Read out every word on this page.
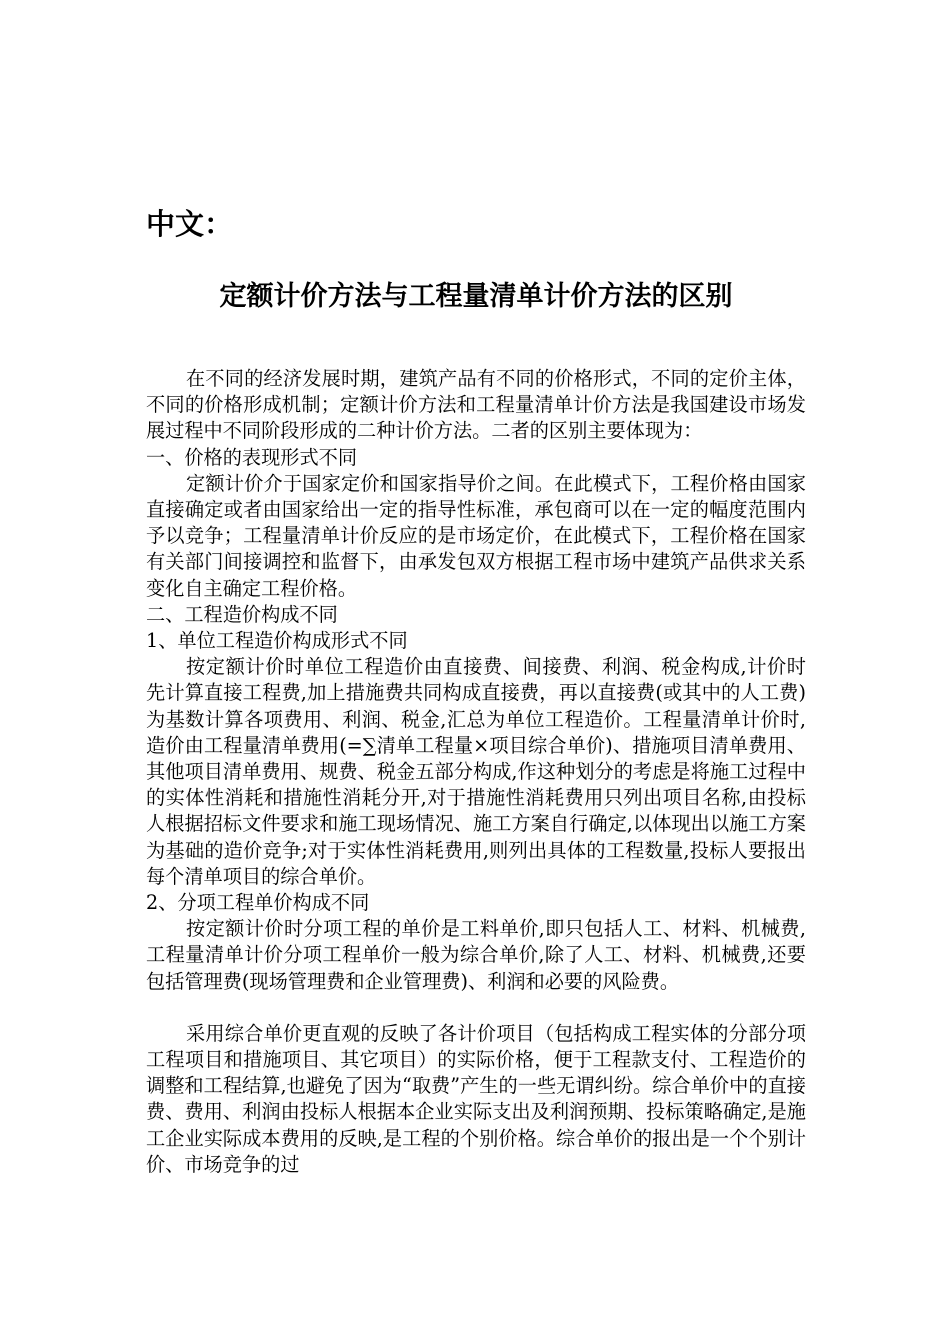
中文：
定额计价方法与工程量清单计价方法的区别

在不同的经济发展时期，建筑产品有不同的价格形式，不同的定价主体，不同的价格形成机制；定额计价方法和工程量清单计价方法是我国建设市场发展过程中不同阶段形成的二种计价方法。二者的区别主要体现为：

一、价格的表现形式不同

定额计价介于国家定价和国家指导价之间。在此模式下，工程价格由国家直接确定或者由国家给出一定的指导性标准，承包商可以在一定的幅度范围内予以竞争；工程量清单计价反应的是市场定价，在此模式下，工程价格在国家有关部门间接调控和监督下，由承发包双方根据工程市场中建筑产品供求关系变化自主确定工程价格。

二、工程造价构成不同

1、单位工程造价构成形式不同

按定额计价时单位工程造价由直接费、间接费、利润、税金构成,计价时先计算直接工程费,加上措施费共同构成直接费，再以直接费(或其中的人工费)为基数计算各项费用、利润、税金,汇总为单位工程造价。工程量清单计价时,造价由工程量清单费用(=∑清单工程量×项目综合单价)、措施项目清单费用、其他项目清单费用、规费、税金五部分构成,作这种划分的考虑是将施工过程中的实体性消耗和措施性消耗分开,对于措施性消耗费用只列出项目名称,由投标人根据招标文件要求和施工现场情况、施工方案自行确定,以体现出以施工方案为基础的造价竞争;对于实体性消耗费用,则列出具体的工程数量,投标人要报出每个清单项目的综合单价。

2、分项工程单价构成不同

按定额计价时分项工程的单价是工料单价,即只包括人工、材料、机械费,工程量清单计价分项工程单价一般为综合单价,除了人工、材料、机械费,还要包括管理费(现场管理费和企业管理费)、利润和必要的风险费。

采用综合单价更直观的反映了各计价项目（包括构成工程实体的分部分项工程项目和措施项目、其它项目）的实际价格，便于工程款支付、工程造价的调整和工程结算,也避免了因为“取费”产生的一些无谓纠纷。综合单价中的直接费、费用、利润由投标人根据本企业实际支出及利润预期、投标策略确定,是施工企业实际成本费用的反映,是工程的个别价格。综合单价的报出是一个个别计价、市场竞争的过
